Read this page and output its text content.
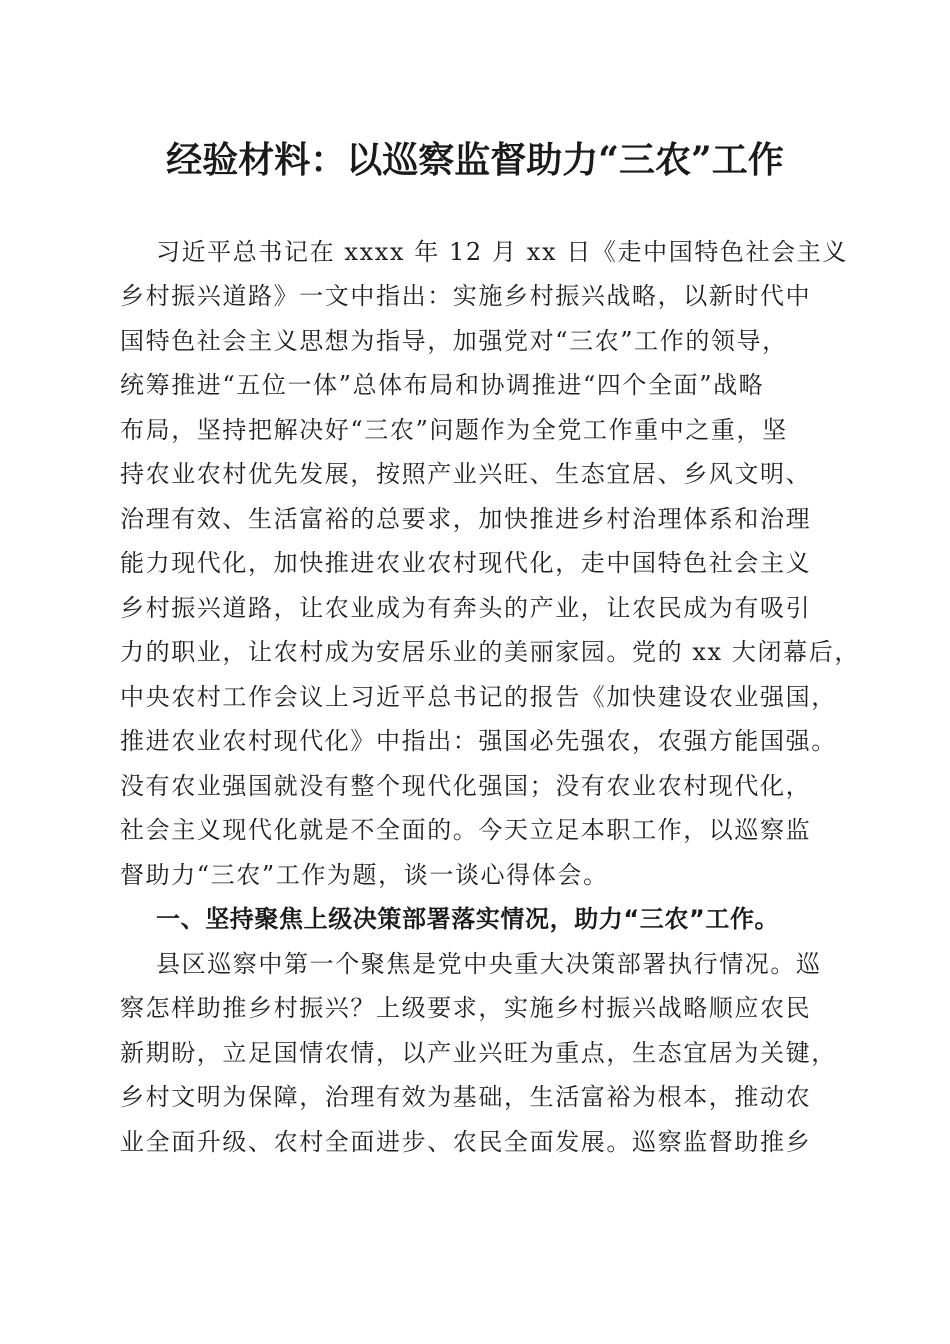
经验材料：以巡察监督助力“三农”工作
习近平总书记在 xxxx 年 12 月 xx 日《走中国特色社会主义
乡村振兴道路》一文中指出：实施乡村振兴战略，以新时代中
国特色社会主义思想为指导，加强党对“三农”工作的领导，
统筹推进“五位一体”总体布局和协调推进“四个全面”战略
布局，坚持把解决好“三农”问题作为全党工作重中之重，坚
持农业农村优先发展，按照产业兴旺、生态宜居、乡风文明、
治理有效、生活富裕的总要求，加快推进乡村治理体系和治理
能力现代化，加快推进农业农村现代化，走中国特色社会主义
乡村振兴道路，让农业成为有奔头的产业，让农民成为有吸引
力的职业，让农村成为安居乐业的美丽家园。党的 xx 大闭幕后，
中央农村工作会议上习近平总书记的报告《加快建设农业强国，
推进农业农村现代化》中指出：强国必先强农，农强方能国强。
没有农业强国就没有整个现代化强国；没有农业农村现代化，
社会主义现代化就是不全面的。今天立足本职工作，以巡察监
督助力“三农”工作为题，谈一谈心得体会。
一、坚持聚焦上级决策部署落实情况，助力“三农”工作。
县区巡察中第一个聚焦是党中央重大决策部署执行情况。巡
察怎样助推乡村振兴？上级要求，实施乡村振兴战略顺应农民
新期盼，立足国情农情，以产业兴旺为重点，生态宜居为关键，
乡村文明为保障，治理有效为基础，生活富裕为根本，推动农
业全面升级、农村全面进步、农民全面发展。巡察监督助推乡
